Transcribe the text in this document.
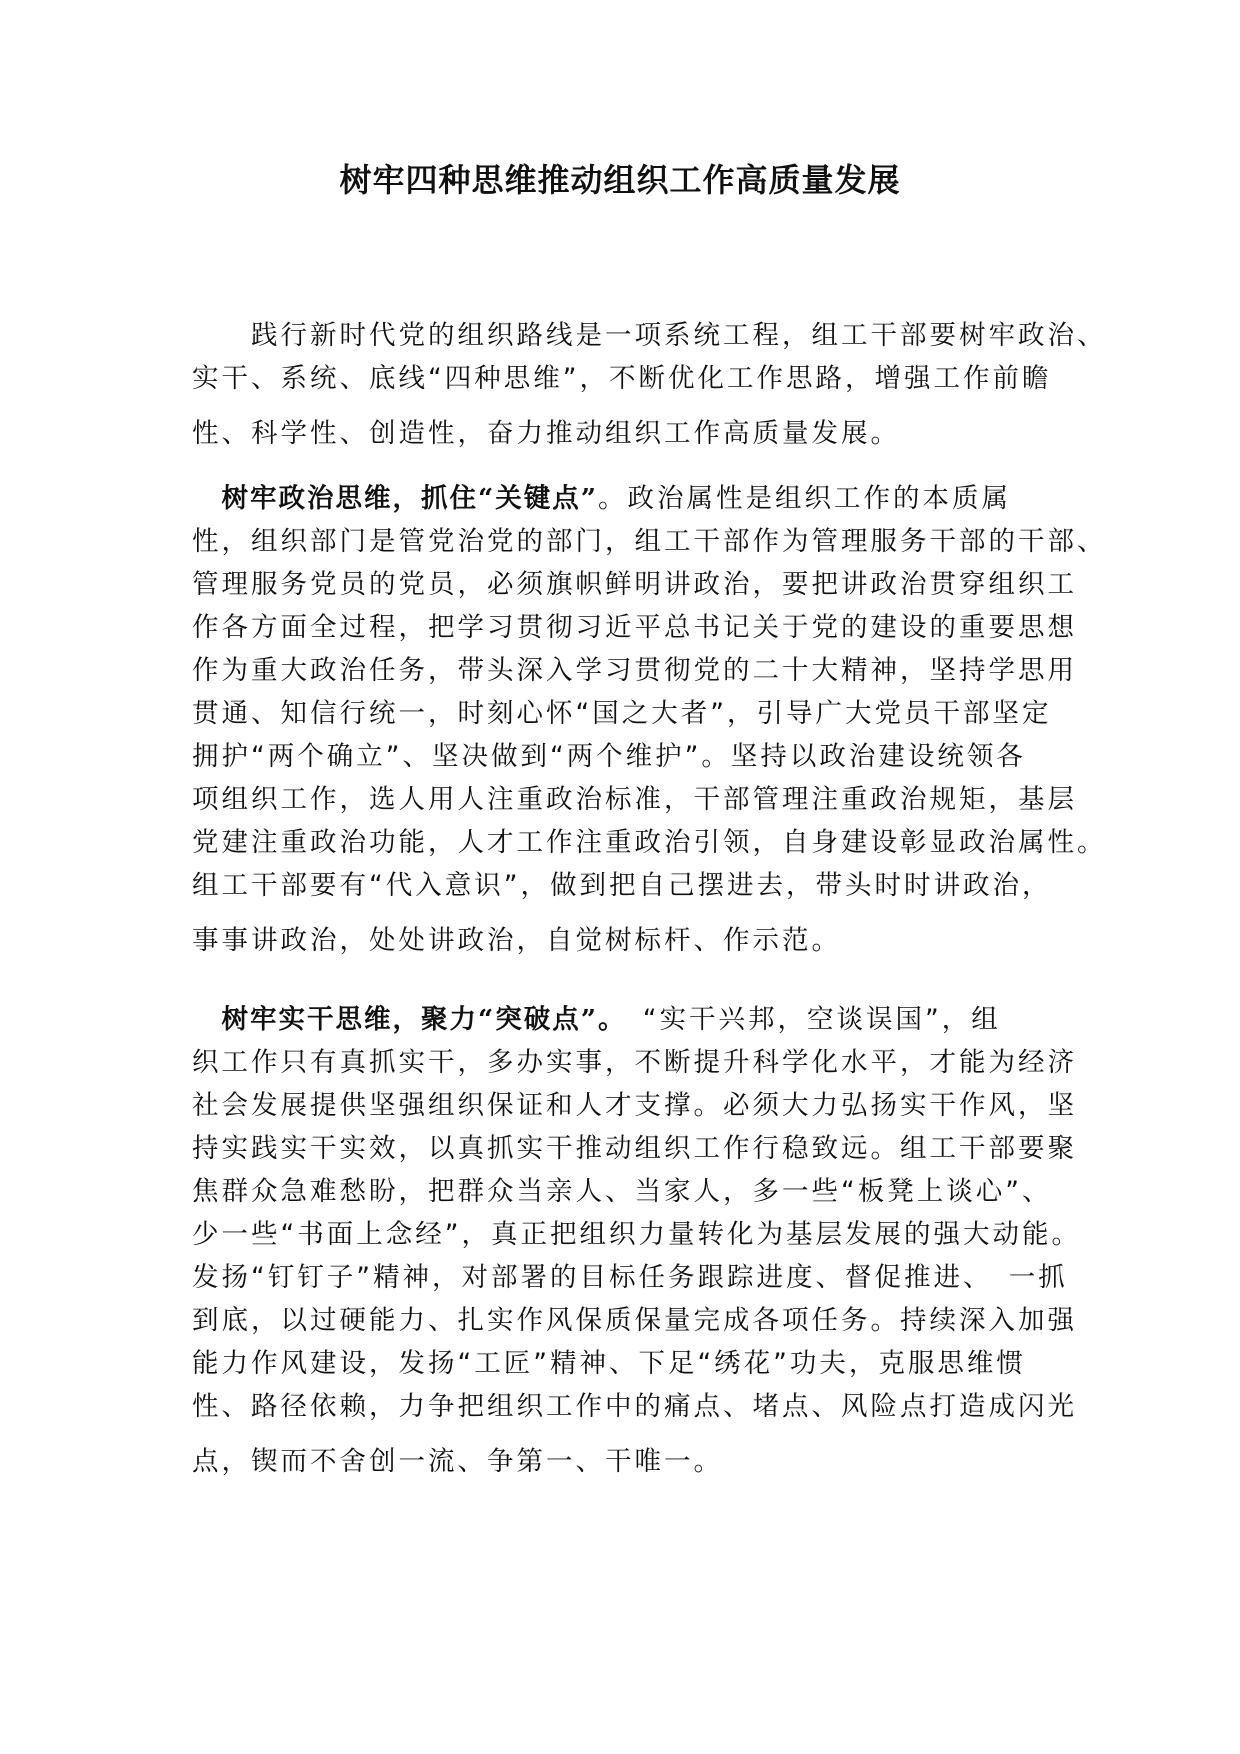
树牢四种思维推动组织工作高质量发展
　　践行新时代党的组织路线是一项系统工程，组工干部要树牢政治、
实干、系统、底线“四种思维”，不断优化工作思路，增强工作前瞻
性、科学性、创造性，奋力推动组织工作高质量发展。
　树牢政治思维，抓住“关键点”。政治属性是组织工作的本质属
性，组织部门是管党治党的部门，组工干部作为管理服务干部的干部、
管理服务党员的党员，必须旗帜鲜明讲政治，要把讲政治贯穿组织工
作各方面全过程，把学习贯彻习近平总书记关于党的建设的重要思想
作为重大政治任务，带头深入学习贯彻党的二十大精神，坚持学思用
贯通、知信行统一，时刻心怀“国之大者”，引导广大党员干部坚定
拥护“两个确立”、坚决做到“两个维护”。坚持以政治建设统领各
项组织工作，选人用人注重政治标准，干部管理注重政治规矩，基层
党建注重政治功能，人才工作注重政治引领，自身建设彰显政治属性。
组工干部要有“代入意识”，做到把自己摆进去，带头时时讲政治，
事事讲政治，处处讲政治，自觉树标杆、作示范。
　树牢实干思维，聚力“突破点”。　“实干兴邦，空谈误国”，组
织工作只有真抓实干，多办实事，不断提升科学化水平，才能为经济
社会发展提供坚强组织保证和人才支撑。必须大力弘扬实干作风，坚
持实践实干实效，以真抓实干推动组织工作行稳致远。组工干部要聚
焦群众急难愁盼，把群众当亲人、当家人，多一些“板凳上谈心”、
少一些“书面上念经”，真正把组织力量转化为基层发展的强大动能。
发扬“钉钉子”精神，对部署的目标任务跟踪进度、督促推进、　一抓
到底，以过硬能力、扎实作风保质保量完成各项任务。持续深入加强
能力作风建设，发扬“工匠”精神、下足“绣花”功夫，克服思维惯
性、路径依赖，力争把组织工作中的痛点、堵点、风险点打造成闪光
点，锲而不舍创一流、争第一、干唯一。
